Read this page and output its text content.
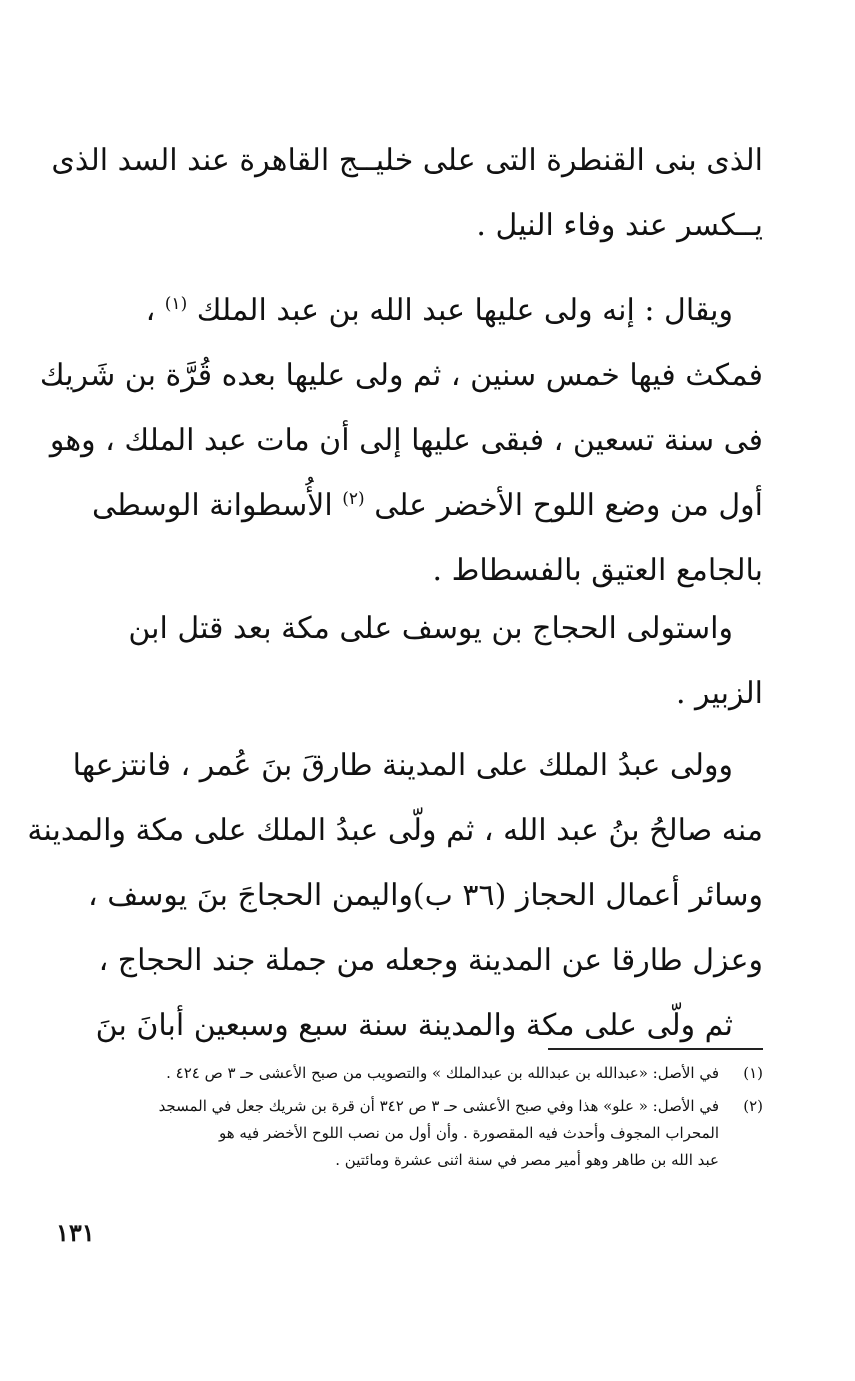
الذى بنى القنطرة التى على خليــج القاهرة عند السد الذى
يــكسر عند وفاء النيل .

ويقال : إنه ولى عليها عبد الله بن عبد الملك $^{(١)}$ ،
فمكث فيها خمس سنين ، ثم ولى عليها بعده قُرَّة بن شَريك
فى سنة تسعين ، فبقى عليها إلى أن مات عبد الملك ، وهو
أول من وضع اللوح الأخضر على $^{(٢)}$ الأُسطوانة الوسطى
بالجامع العتيق بالفسطاط .

واستولى الحجاج بن يوسف على مكة بعد قتل ابن
الزبير .

وولى عبدُ الملك على المدينة طارقَ بنَ عُمر ، فانتزعها
منه صالحُ بنُ عبد الله ، ثم ولّى عبدُ الملك على مكة والمدينة
وسائر أعمال الحجاز (٣٦ ب)واليمن الحجاجَ بنَ يوسف ،
وعزل طارقا عن المدينة وجعله من جملة جند الحجاج ،
ثم ولّى على مكة والمدينة سنة سبع وسبعين أبانَ بنَ

(١)
في الأصل: «عبدالله بن عبدالله بن عبدالملك » والتصويب من صبح الأعشى حـ ٣ ص ٤٢٤ .
(٢)
في الأصل: « علو» هذا وفي صبح الأعشى حـ ٣ ص ٣٤٢ أن قرة بن شريك جعل في المسجد
المحراب المجوف وأحدث فيه المقصورة . وأن أول من نصب اللوح الأخضر فيه هو
عبد الله بن طاهر وهو أمير مصر في سنة اثنى عشرة ومائتين .
١٣١
